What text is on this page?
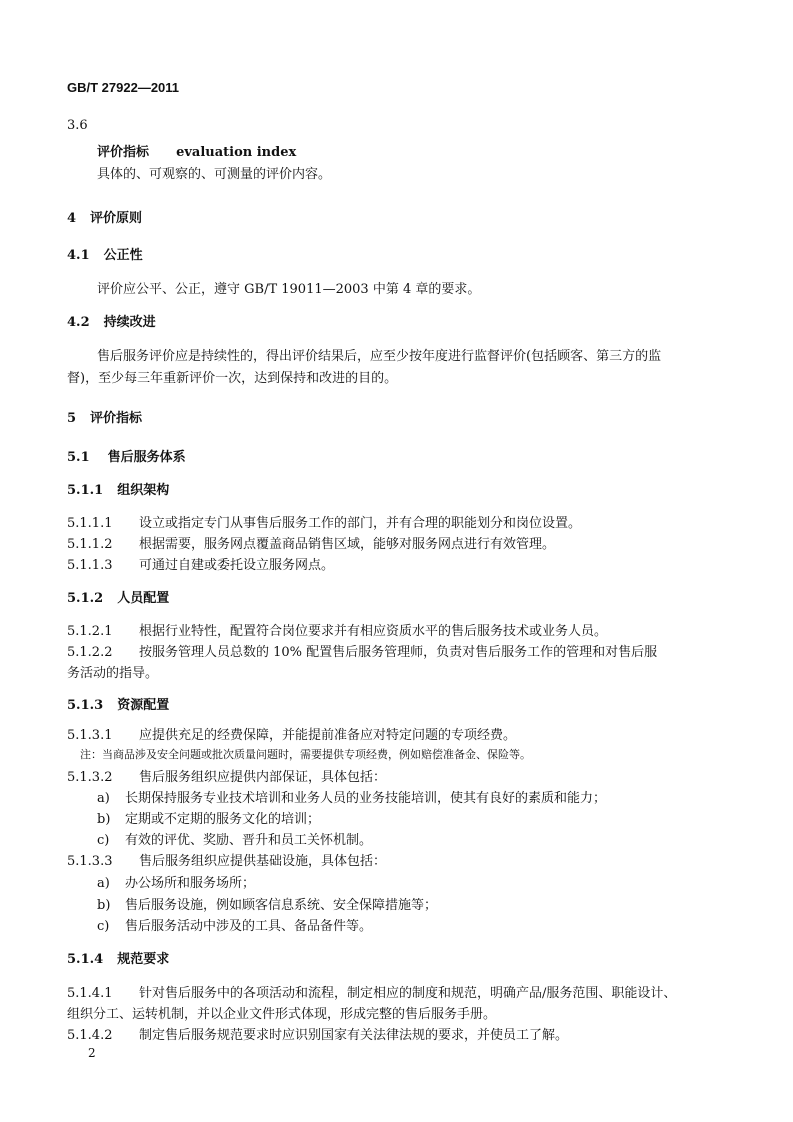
GB/T 27922—2011
3.6
评价指标 evaluation index
具体的、可观察的、可测量的评价内容。
4 评价原则
4.1 公正性
评价应公平、公正，遵守 GB/T 19011—2003 中第 4 章的要求。
4.2 持续改进
售后服务评价应是持续性的，得出评价结果后，应至少按年度进行监督评价(包括顾客、第三方的监
督)，至少每三年重新评价一次，达到保持和改进的目的。
5 评价指标
5.1 售后服务体系
5.1.1 组织架构
5.1.1.1 设立或指定专门从事售后服务工作的部门，并有合理的职能划分和岗位设置。
5.1.1.2 根据需要，服务网点覆盖商品销售区域，能够对服务网点进行有效管理。
5.1.1.3 可通过自建或委托设立服务网点。
5.1.2 人员配置
5.1.2.1 根据行业特性，配置符合岗位要求并有相应资质水平的售后服务技术或业务人员。
5.1.2.2 按服务管理人员总数的 10% 配置售后服务管理师，负责对售后服务工作的管理和对售后服
务活动的指导。
5.1.3 资源配置
5.1.3.1 应提供充足的经费保障，并能提前准备应对特定问题的专项经费。
注：当商品涉及安全问题或批次质量问题时，需要提供专项经费，例如赔偿准备金、保险等。
5.1.3.2 售后服务组织应提供内部保证，具体包括：
a) 长期保持服务专业技术培训和业务人员的业务技能培训，使其有良好的素质和能力；
b) 定期或不定期的服务文化的培训；
c) 有效的评优、奖励、晋升和员工关怀机制。
5.1.3.3 售后服务组织应提供基础设施，具体包括：
a) 办公场所和服务场所；
b) 售后服务设施，例如顾客信息系统、安全保障措施等；
c) 售后服务活动中涉及的工具、备品备件等。
5.1.4 规范要求
5.1.4.1 针对售后服务中的各项活动和流程，制定相应的制度和规范，明确产品/服务范围、职能设计、
组织分工、运转机制，并以企业文件形式体现，形成完整的售后服务手册。
5.1.4.2 制定售后服务规范要求时应识别国家有关法律法规的要求，并使员工了解。
2
